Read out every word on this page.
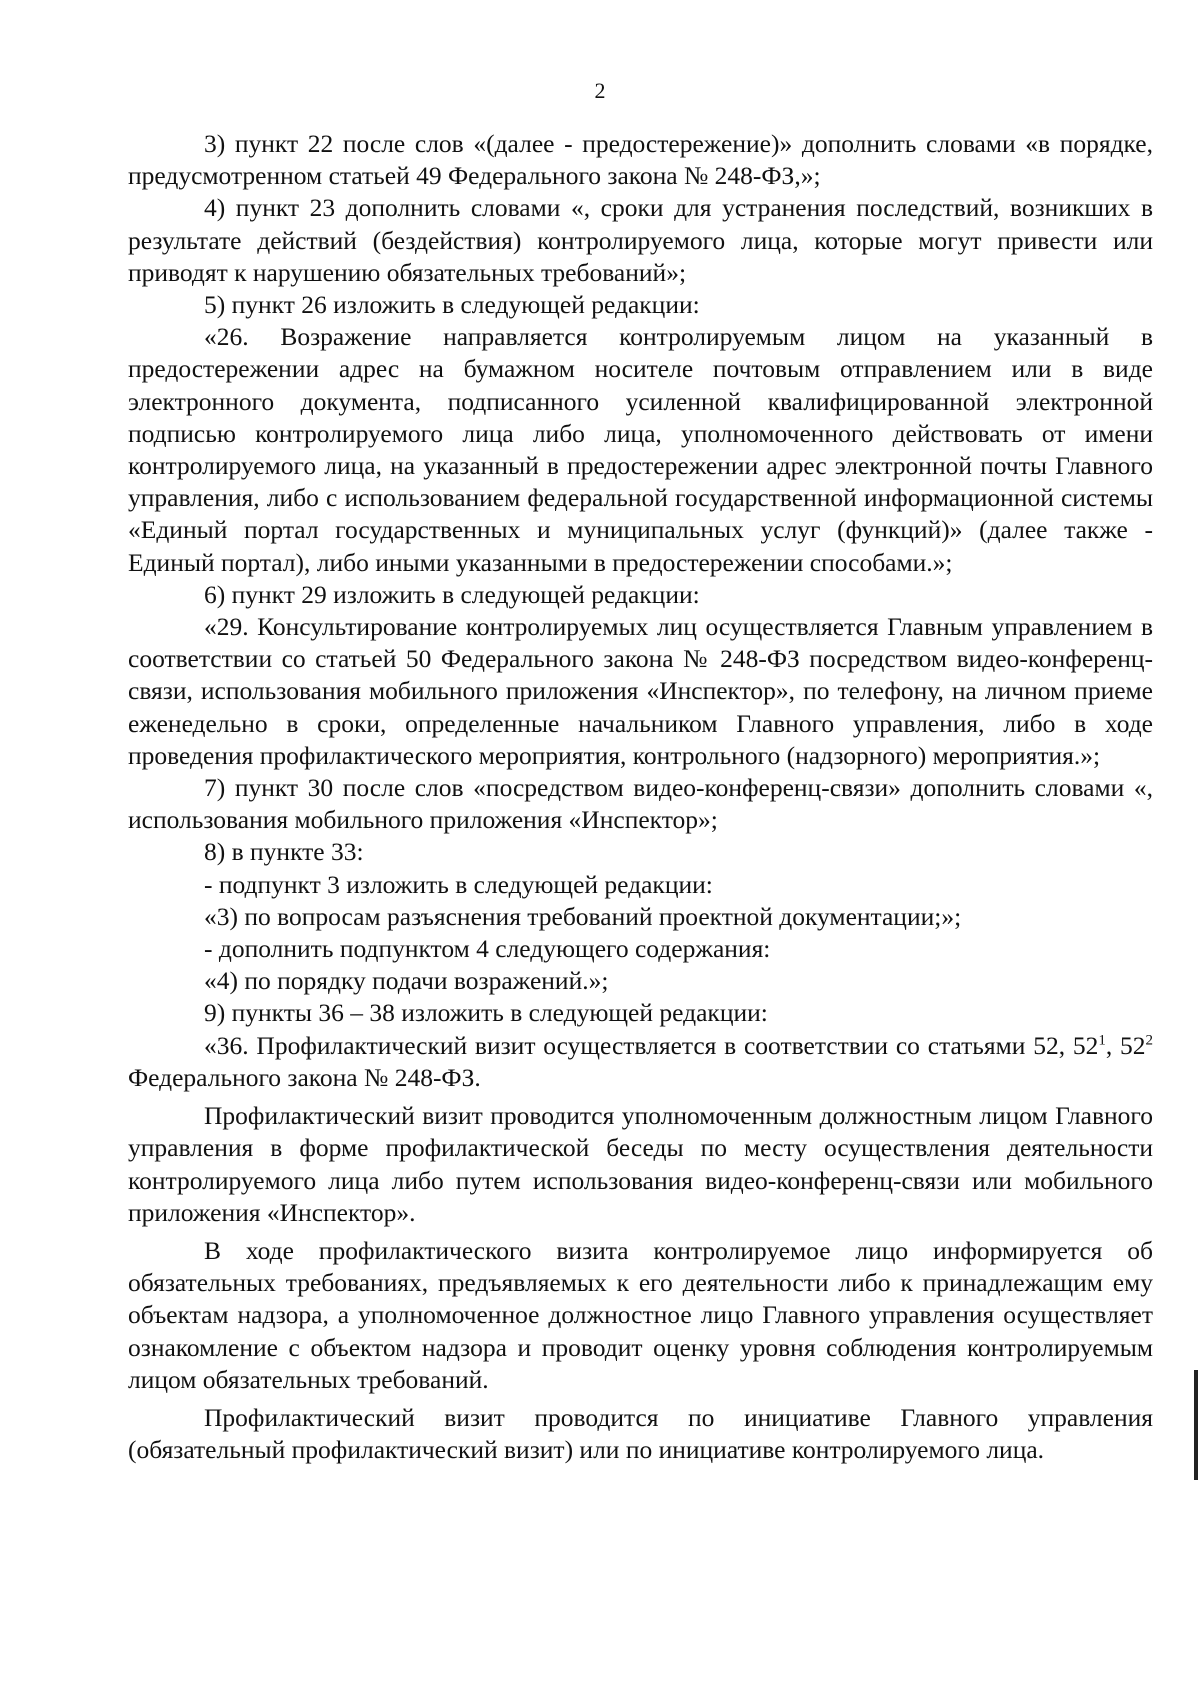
2

3) пункт 22 после слов «(далее - предостережение)» дополнить словами «в порядке, предусмотренном статьей 49 Федерального закона № 248-ФЗ,»;

4) пункт 23 дополнить словами «, сроки для устранения последствий, возникших в результате действий (бездействия) контролируемого лица, которые могут привести или приводят к нарушению обязательных требований»;

5) пункт 26 изложить в следующей редакции:

«26. Возражение направляется контролируемым лицом на указанный в предостережении адрес на бумажном носителе почтовым отправлением или в виде электронного документа, подписанного усиленной квалифицированной электронной подписью контролируемого лица либо лица, уполномоченного действовать от имени контролируемого лица, на указанный в предостережении адрес электронной почты Главного управления, либо с использованием федеральной государственной информационной системы «Единый портал государственных и муниципальных услуг (функций)» (далее также - Единый портал), либо иными указанными в предостережении способами.»;

6) пункт 29 изложить в следующей редакции:

«29. Консультирование контролируемых лиц осуществляется Главным управлением в соответствии со статьей 50 Федерального закона № 248-ФЗ посредством видео-конференц-связи, использования мобильного приложения «Инспектор», по телефону, на личном приеме еженедельно в сроки, определенные начальником Главного управления, либо в ходе проведения профилактического мероприятия, контрольного (надзорного) мероприятия.»;

7) пункт 30 после слов «посредством видео-конференц-связи» дополнить словами «, использования мобильного приложения «Инспектор»;

8) в пункте 33:

- подпункт 3 изложить в следующей редакции:

«3) по вопросам разъяснения требований проектной документации;»;

- дополнить подпунктом 4 следующего содержания:

«4) по порядку подачи возражений.»;

9) пункты 36 – 38 изложить в следующей редакции:

«36. Профилактический визит осуществляется в соответствии со статьями 52, $52^1$, $52^2$ Федерального закона № 248-ФЗ.

Профилактический визит проводится уполномоченным должностным лицом Главного управления в форме профилактической беседы по месту осуществления деятельности контролируемого лица либо путем использования видео-конференц-связи или мобильного приложения «Инспектор».

В ходе профилактического визита контролируемое лицо информируется об обязательных требованиях, предъявляемых к его деятельности либо к принадлежащим ему объектам надзора, а уполномоченное должностное лицо Главного управления осуществляет ознакомление с объектом надзора и проводит оценку уровня соблюдения контролируемым лицом обязательных требований.

Профилактический визит проводится по инициативе Главного управления (обязательный профилактический визит) или по инициативе контролируемого лица.
